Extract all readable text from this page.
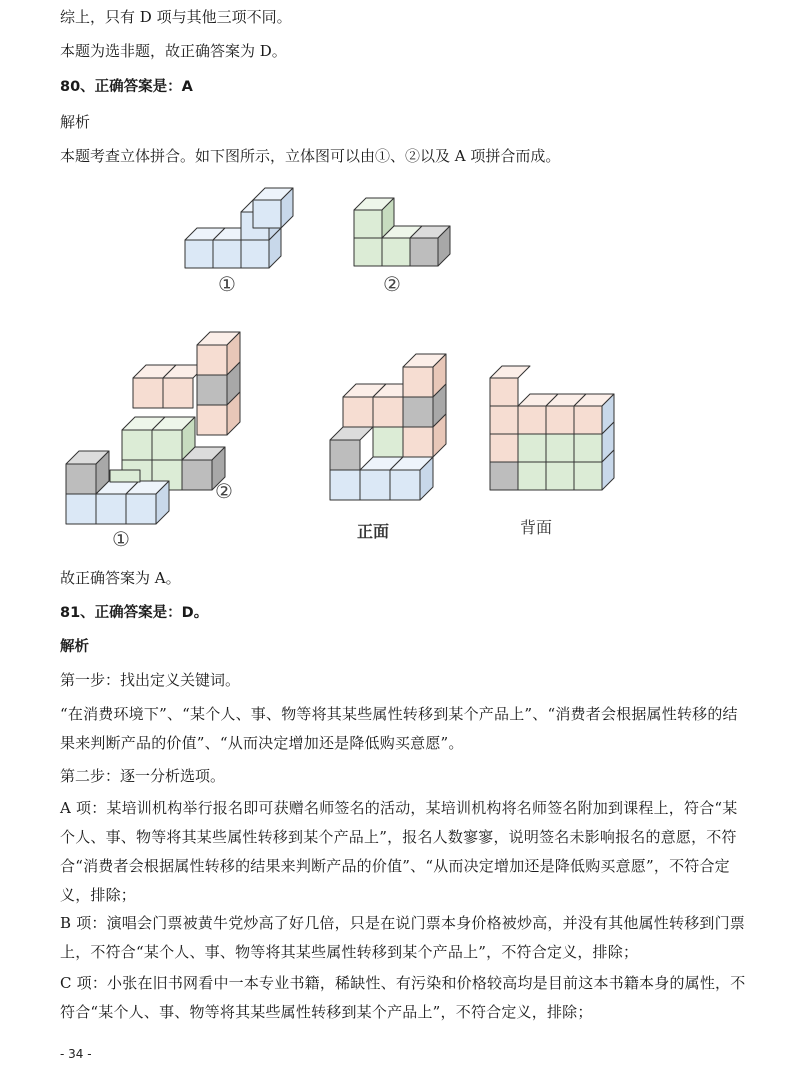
综上，只有 D 项与其他三项不同。
本题为选非题，故正确答案为 D。
80、正确答案是：A
解析
本题考查立体拼合。如下图所示，立体图可以由①、②以及 A 项拼合而成。
①	②
①
②
正面	背面
故正确答案为 A。
81、正确答案是：D。
解析
第一步：找出定义关键词。
“在消费环境下”、“某个人、事、物等将其某些属性转移到某个产品上”、“消费者会根据属性转移的结果来判断产品的价值”、“从而决定增加还是降低购买意愿”。
第二步：逐一分析选项。
A 项：某培训机构举行报名即可获赠名师签名的活动，某培训机构将名师签名附加到课程上，符合“某个人、事、物等将其某些属性转移到某个产品上”，报名人数寥寥，说明签名未影响报名的意愿，不符合“消费者会根据属性转移的结果来判断产品的价值”、“从而决定增加还是降低购买意愿”，不符合定义，排除；
B 项：演唱会门票被黄牛党炒高了好几倍，只是在说门票本身价格被炒高，并没有其他属性转移到门票上，不符合“某个人、事、物等将其某些属性转移到某个产品上”，不符合定义，排除；
C 项：小张在旧书网看中一本专业书籍，稀缺性、有污染和价格较高均是目前这本书籍本身的属性，不符合“某个人、事、物等将其某些属性转移到某个产品上”，不符合定义，排除；
- 34 -
